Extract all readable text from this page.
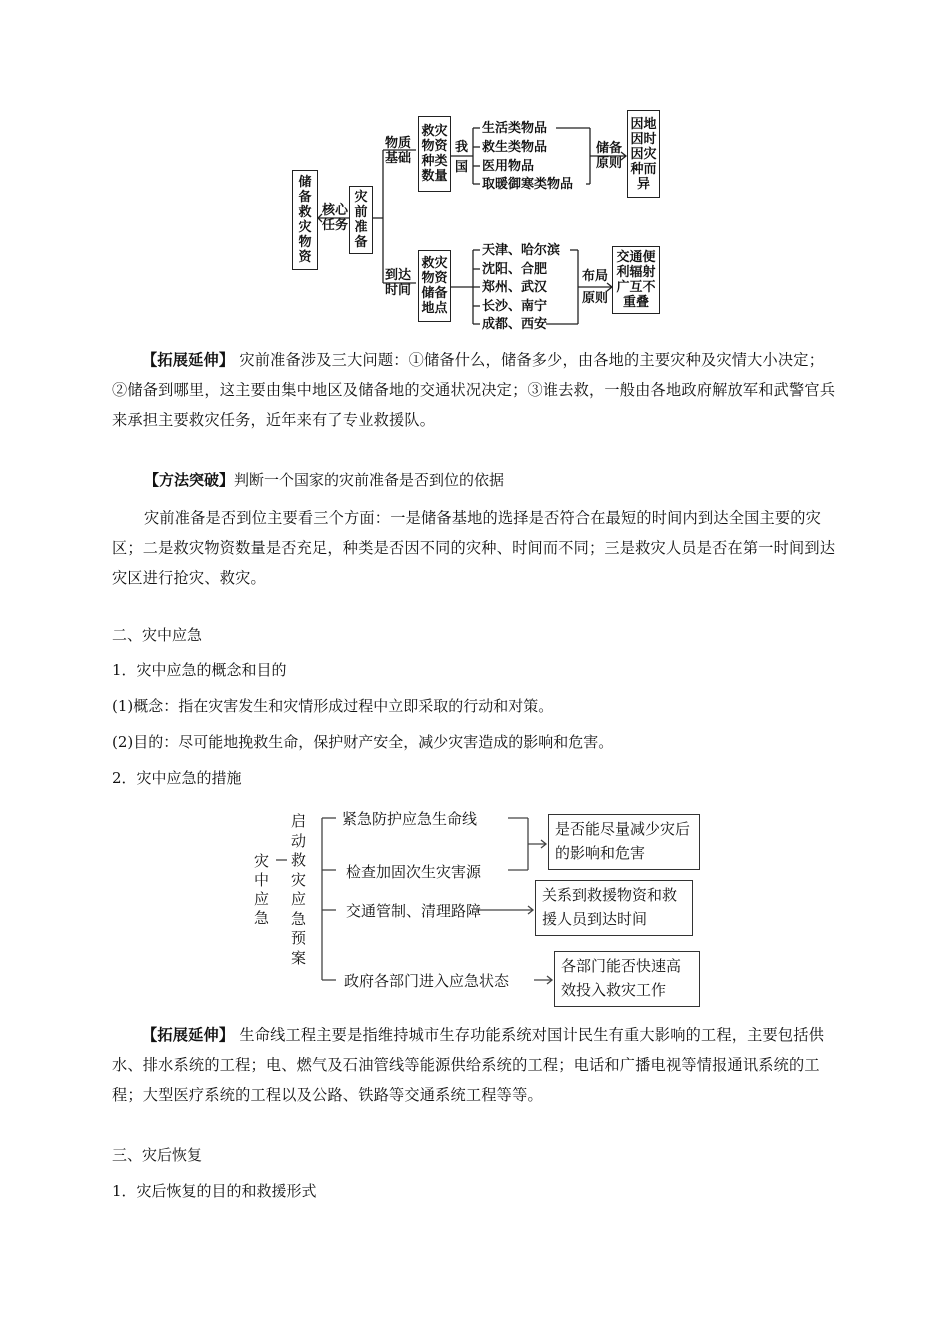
储备救灾物资
核心任务
灾前准备
物质基础
到达时间
救灾物资种类数量
我国
生活类物品
救生类物品
医用物品
取暖御寒类物品
储备原则
因地因时因灾种而异
救灾物资储备地点
天津、哈尔滨
沈阳、合肥
郑州、武汉
长沙、南宁
成都、西安
布局原则
交通便利辐射广互不重叠
【拓展延伸】 灾前准备涉及三大问题：①储备什么，储备多少，由各地的主要灾种及灾情大小决定；②储备到哪里，这主要由集中地区及储备地的交通状况决定；③谁去救，一般由各地政府解放军和武警官兵来承担主要救灾任务，近年来有了专业救援队。
【方法突破】判断一个国家的灾前准备是否到位的依据
灾前准备是否到位主要看三个方面：一是储备基地的选择是否符合在最短的时间内到达全国主要的灾区；二是救灾物资数量是否充足，种类是否因不同的灾种、时间而不同；三是救灾人员是否在第一时间到达灾区进行抢灾、救灾。
二、灾中应急
1．灾中应急的概念和目的
(1)概念：指在灾害发生和灾情形成过程中立即采取的行动和对策。
(2)目的：尽可能地挽救生命，保护财产安全，减少灾害造成的影响和危害。
2．灾中应急的措施
灾中应急
启动救灾应急预案
紧急防护应急生命线
检查加固次生灾害源
交通管制、清理路障
政府各部门进入应急状态
是否能尽量减少灾后的影响和危害
关系到救援物资和救援人员到达时间
各部门能否快速高效投入救灾工作
【拓展延伸】 生命线工程主要是指维持城市生存功能系统对国计民生有重大影响的工程，主要包括供水、排水系统的工程；电、燃气及石油管线等能源供给系统的工程；电话和广播电视等情报通讯系统的工程；大型医疗系统的工程以及公路、铁路等交通系统工程等等。
三、灾后恢复
1．灾后恢复的目的和救援形式
